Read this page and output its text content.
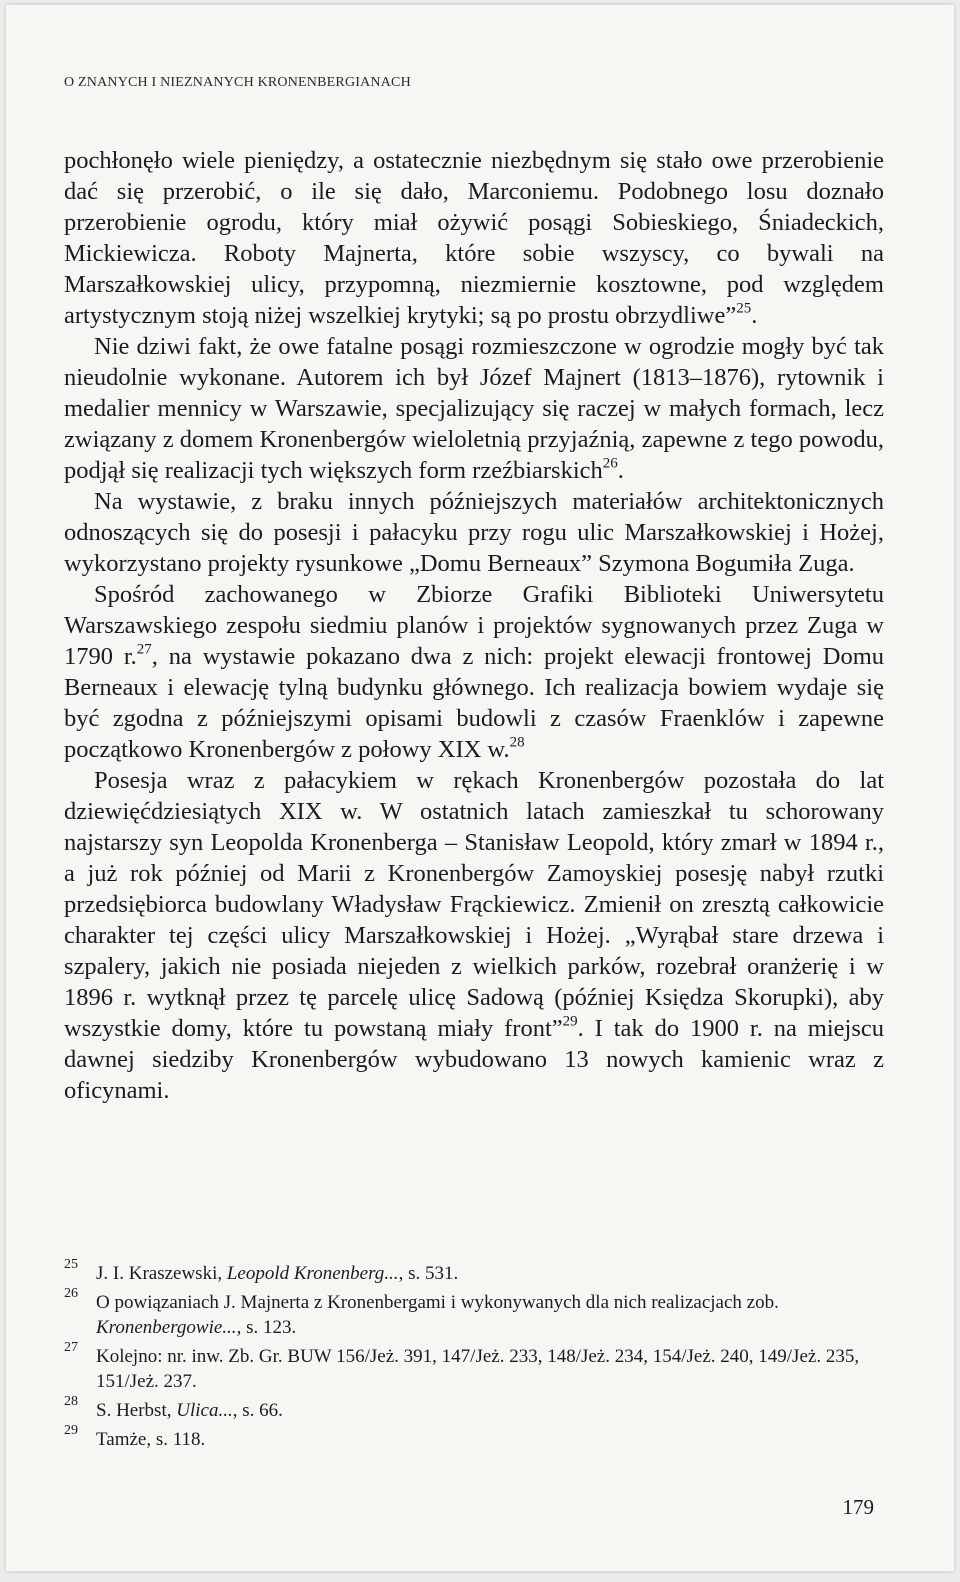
O ZNANYCH I NIEZNANYCH KRONENBERGIANACH

pochłonęło wiele pieniędzy, a ostatecznie niezbędnym się stało owe przerobienie dać się przerobić, o ile się dało, Marconiemu. Podobnego losu doznało przerobienie ogrodu, który miał ożywić posągi Sobieskiego, Śniadeckich, Mickiewicza. Roboty Majnerta, które sobie wszyscy, co bywali na Marszałkowskiej ulicy, przypomną, niezmiernie kosztowne, pod względem artystycznym stoją niżej wszelkiej krytyki; są po prostu obrzydliwe”$^{25}$.

Nie dziwi fakt, że owe fatalne posągi rozmieszczone w ogrodzie mogły być tak nieudolnie wykonane. Autorem ich był Józef Majnert (1813–1876), rytownik i medalier mennicy w Warszawie, specjalizujący się raczej w małych formach, lecz związany z domem Kronenbergów wieloletnią przyjaźnią, zapewne z tego powodu, podjął się realizacji tych większych form rzeźbiarskich$^{26}$.

Na wystawie, z braku innych późniejszych materiałów architektonicznych odnoszących się do posesji i pałacyku przy rogu ulic Marszałkowskiej i Hożej, wykorzystano projekty rysunkowe „Domu Berneaux” Szymona Bogumiła Zuga.

Spośród zachowanego w Zbiorze Grafiki Biblioteki Uniwersytetu Warszawskiego zespołu siedmiu planów i projektów sygnowanych przez Zuga w 1790 r.$^{27}$, na wystawie pokazano dwa z nich: projekt elewacji frontowej Domu Berneaux i elewację tylną budynku głównego. Ich realizacja bowiem wydaje się być zgodna z późniejszymi opisami budowli z czasów Fraenklów i zapewne początkowo Kronenbergów z połowy XIX w.$^{28}$

Posesja wraz z pałacykiem w rękach Kronenbergów pozostała do lat dziewięćdziesiątych XIX w. W ostatnich latach zamieszkał tu schorowany najstarszy syn Leopolda Kronenberga – Stanisław Leopold, który zmarł w 1894 r., a już rok później od Marii z Kronenbergów Zamoyskiej posesję nabył rzutki przedsiębiorca budowlany Władysław Frąckiewicz. Zmienił on zresztą całkowicie charakter tej części ulicy Marszałkowskiej i Hożej. „Wyrąbał stare drzewa i szpalery, jakich nie posiada niejeden z wielkich parków, rozebrał oranżerię i w 1896 r. wytknął przez tę parcelę ulicę Sadową (później Księdza Skorupki), aby wszystkie domy, które tu powstaną miały front”$^{29}$. I tak do 1900 r. na miejscu dawnej siedziby Kronenbergów wybudowano 13 nowych kamienic wraz z oficynami.

25 J. I. Kraszewski, Leopold Kronenberg..., s. 531.
26 O powiązaniach J. Majnerta z Kronenbergami i wykonywanych dla nich realizacjach zob. Kronenbergowie..., s. 123.
27 Kolejno: nr. inw. Zb. Gr. BUW 156/Jeż. 391, 147/Jeż. 233, 148/Jeż. 234, 154/Jeż. 240, 149/Jeż. 235, 151/Jeż. 237.
28 S. Herbst, Ulica..., s. 66.
29 Tamże, s. 118.
179
